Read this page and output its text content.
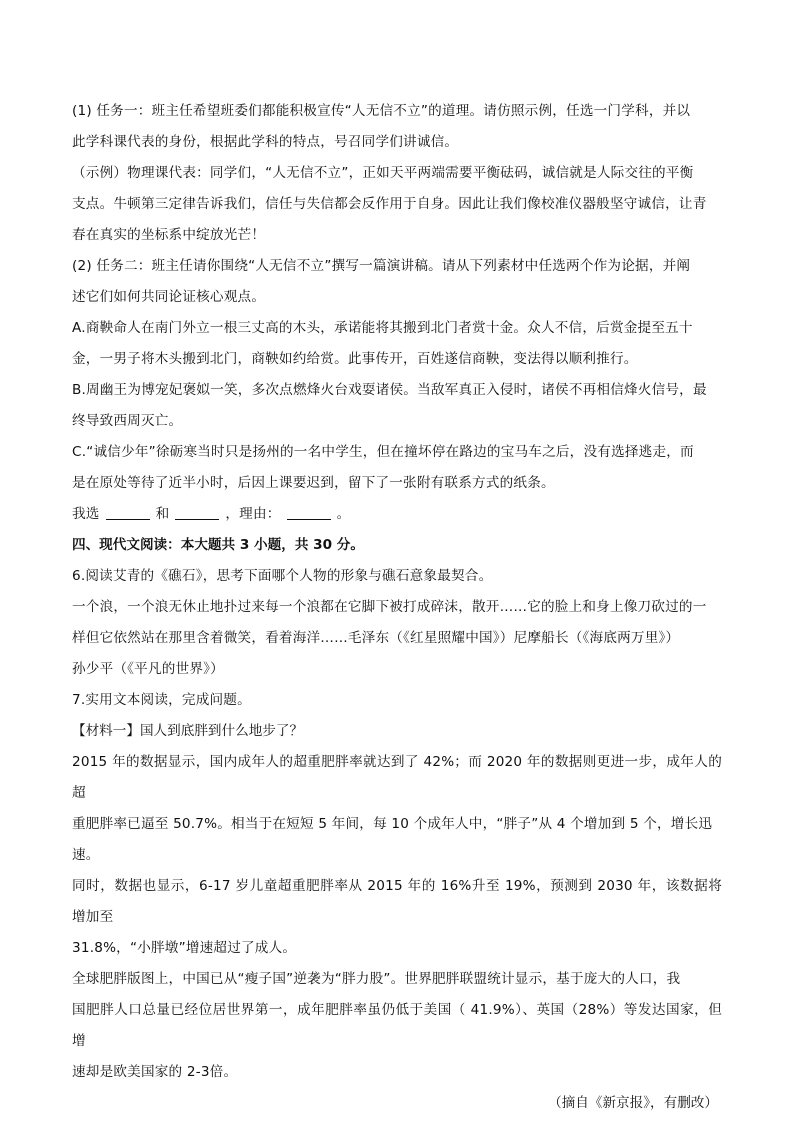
(1) 任务一：班主任希望班委们都能积极宣传“人无信不立”的道理。请仿照示例，任选一门学科，并以

此学科课代表的身份，根据此学科的特点，号召同学们讲诚信。

（示例）物理课代表：同学们，“人无信不立”，正如天平两端需要平衡砝码，诚信就是人际交往的平衡

支点。牛顿第三定律告诉我们，信任与失信都会反作用于自身。因此让我们像校准仪器般坚守诚信，让青

春在真实的坐标系中绽放光芒！

(2) 任务二：班主任请你围绕“人无信不立”撰写一篇演讲稿。请从下列素材中任选两个作为论据，并阐

述它们如何共同论证核心观点。

A.商鞅命人在南门外立一根三丈高的木头，承诺能将其搬到北门者赏十金。众人不信，后赏金提至五十

金，一男子将木头搬到北门，商鞅如约给赏。此事传开，百姓遂信商鞅，变法得以顺利推行。

B.周幽王为博宠妃褒姒一笑，多次点燃烽火台戏耍诸侯。当敌军真正入侵时，诸侯不再相信烽火信号，最

终导致西周灭亡。

C.“诚信少年”徐砺寒当时只是扬州的一名中学生，但在撞坏停在路边的宝马车之后，没有选择逃走，而

是在原处等待了近半小时，后因上课要迟到，留下了一张附有联系方式的纸条。

我选	和	，理由：	。

四、现代文阅读：本大题共 3 小题，共 30 分。

6.阅读艾青的《礁石》，思考下面哪个人物的形象与礁石意象最契合。

一个浪，一个浪无休止地扑过来每一个浪都在它脚下被打成碎沫，散开……它的脸上和身上像刀砍过的一

样但它依然站在那里含着微笑，看着海洋……毛泽东（《红星照耀中国》）尼摩船长（《海底两万里》）

孙少平（《平凡的世界》）

7.实用文本阅读，完成问题。

【材料一】国人到底胖到什么地步了？

2015 年的数据显示，国内成年人的超重肥胖率就达到了 42%；而 2020 年的数据则更进一步，成年人的超

重肥胖率已逼至 50.7%。相当于在短短 5 年间，每 10 个成年人中，“胖子”从 4 个增加到 5 个，增长迅

速。

同时，数据也显示，6-17 岁儿童超重肥胖率从 2015 年的 16%升至 19%，预测到 2030 年，该数据将增加至

31.8%，“小胖墩”增速超过了成人。

全球肥胖版图上，中国已从“瘦子国”逆袭为“胖力股”。世界肥胖联盟统计显示，基于庞大的人口，我

国肥胖人口总量已经位居世界第一，成年肥胖率虽仍低于美国（ 41.9%）、英国（28%）等发达国家，但增

速却是欧美国家的 2-3倍。

（摘自《新京报》，有删改）
